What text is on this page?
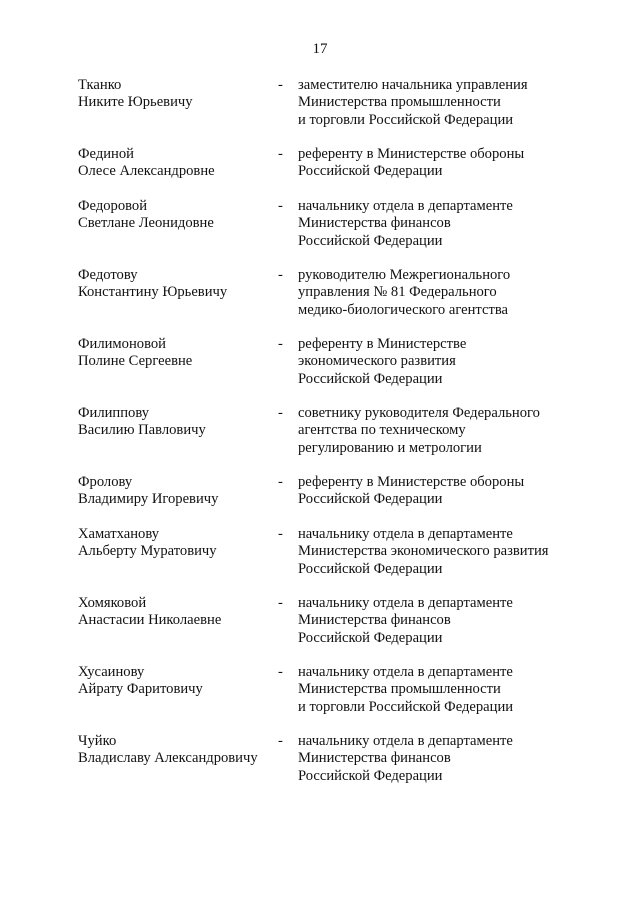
17
Тканко
Никите Юрьевичу
-	заместителю начальника управления
Министерства промышленности
и торговли Российской Федерации
Фединой
Олесе Александровне
-	референту в Министерстве обороны
Российской Федерации
Федоровой
Светлане Леонидовне
-	начальнику отдела в департаменте
Министерства финансов
Российской Федерации
Федотову
Константину Юрьевичу
-	руководителю Межрегионального
управления № 81 Федерального
медико-биологического агентства
Филимоновой
Полине Сергеевне
-	референту в Министерстве
экономического развития
Российской Федерации
Филиппову
Василию Павловичу
-	советнику руководителя Федерального
агентства по техническому
регулированию и метрологии
Фролову
Владимиру Игоревичу
-	референту в Министерстве обороны
Российской Федерации
Хаматханову
Альберту Муратовичу
-	начальнику отдела в департаменте
Министерства экономического развития
Российской Федерации
Хомяковой
Анастасии Николаевне
-	начальнику отдела в департаменте
Министерства финансов
Российской Федерации
Хусаинову
Айрату Фаритовичу
-	начальнику отдела в департаменте
Министерства промышленности
и торговли Российской Федерации
Чуйко
Владиславу Александровичу
-	начальнику отдела в департаменте
Министерства финансов
Российской Федерации
